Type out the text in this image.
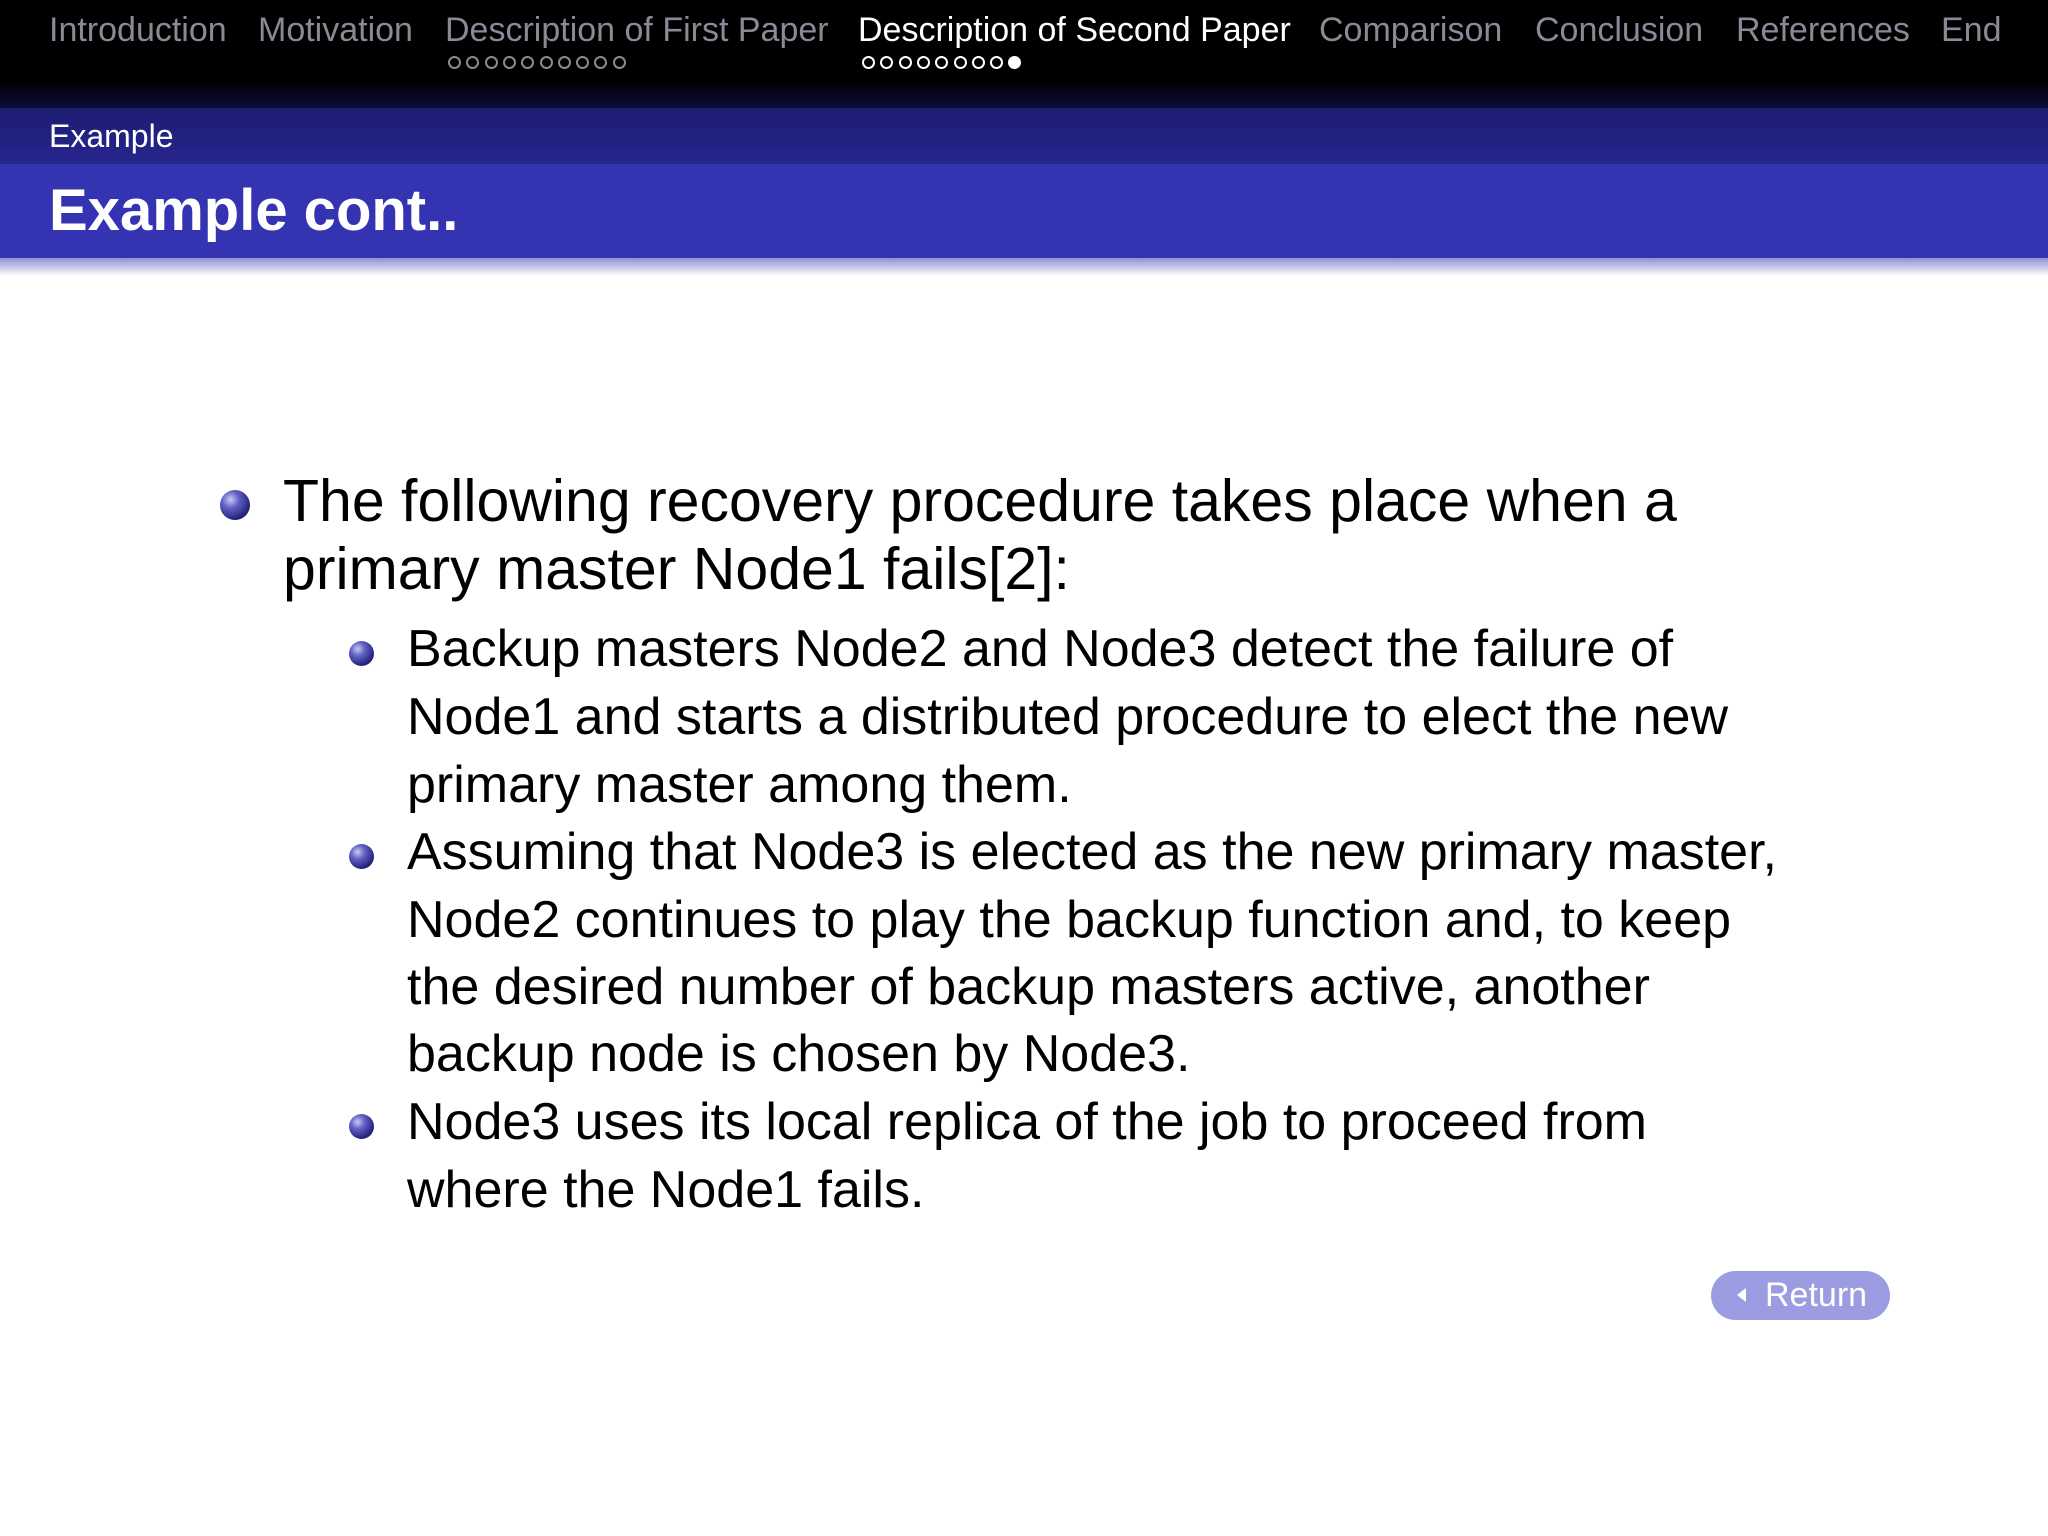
Introduction Motivation Description of First Paper Description of Second Paper Comparison Conclusion References End
Example
Example cont..
The following recovery procedure takes place when a
primary master Node1 fails[2]:
Backup masters Node2 and Node3 detect the failure of
Node1 and starts a distributed procedure to elect the new
primary master among them.
Assuming that Node3 is elected as the new primary master,
Node2 continues to play the backup function and, to keep
the desired number of backup masters active, another
backup node is chosen by Node3.
Node3 uses its local replica of the job to proceed from
where the Node1 fails.
Return
